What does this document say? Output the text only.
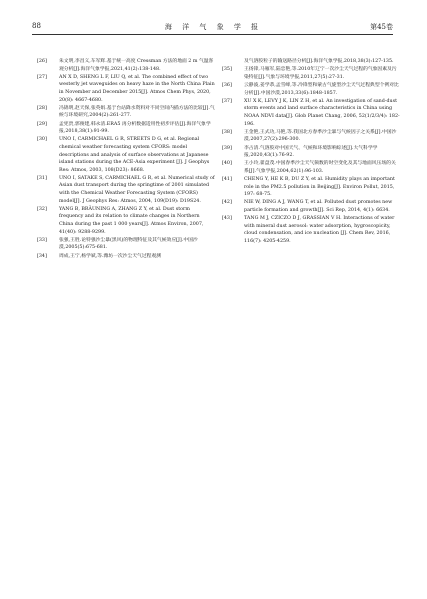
88	海 洋 气 象 学 报	第45卷
[26]	朱文明,李昌义,车军辉.基于统一高度 Cressman 方法的地面 2 m 气温客观分析[J].海洋气象学报,2021,41(2):138-148.
[27]	AN X D, SHENG L F, LIU Q, et al. The combined effect of two westerly jet waveguides on heavy haze in the North China Plain in November and December 2015[J]. Atmos Chem Phys, 2020, 20(8): 4667-4680.
[28]	冯锦明,赵天保,张英娟.基于台站降水资料对不同空间内插方法的比较[J].气候与环境研究,2004(2):261-277.
[29]	孟宪贵,郭俊建,韩永清.ERA5 再分析数据适用性初步评估[J].海洋气象学报,2018,38(1):91-99.
[30]	UNO I, CARMICHAEL G R, STREETS D G, et al. Regional chemical weather forecasting system CFORS: model descriptions and analysis of surface observations at Japanese island stations during the ACE-Asia experiment [J]. J Geophys Res: Atmos, 2003, 108(D23): 8668.
[31]	UNO I, SATAKE S, CARMICHAEL G R, et al. Numerical study of Asian dust transport during the springtime of 2001 simulated with the Chemical Weather Forecasting System (CFORS) model[J]. J Geophys Res: Atmos, 2004, 109(D19): D19S24.
[32]	YANG B, BRÄUNING A, ZHANG Z Y, et al. Dust storm frequency and its relation to climate changes in Northern China during the past 1 000 years[J]. Atmos Environ, 2007, 41(40): 9288-9299.
[33]	张强,王胜.论特强沙尘暴(黑风)的物理特征及其气候效应[J].中国沙漠,2005(5):675-681.
[34]	周成,王宁,杨学斌,等.潍坊一次沙尘天气过程观测
及气溶胶粒子的输送路径分析[J].海洋气象学报,2018,38(3):127-135.
[35]	王扬锋,马雁军,陆忠艳,等.2010年辽宁一次沙尘天气过程的气象因素及污染特征[J].气象与环境学报,2011,27(5):27-31.
[36]	云静波,姜学恭,孟雪峰,等.冷锋型和蒙古气旋型沙尘天气过程典型个例对比分析[J].中国沙漠,2013,33(6):1848-1857.
[37]	XU X K, LEVY J K, LIN Z H, et al. An investigation of sand-dust storm events and land surface characteristics in China using NOAA NDVI data[J]. Glob Planet Chang, 2006, 52(1/2/3/4): 182-196.
[38]	王金艳,王式功,马艳,等.我国北方春季沙尘暴与气候因子之关系[J].中国沙漠,2007,27(2):296-300.
[39]	李占清.气溶胶对中国天气、气候和环境影响综述[J].大气科学学报,2020,43(1):76-92.
[40]	王小玲,翟盘茂.中国春季沙尘天气频数的时空变化及其与地面风压场的关系[J].气象学报,2004,62(1):96-103.
[41]	CHENG Y, HE K B, DU Z Y, et al. Humidity plays an important role in the PM2.5 pollution in Beijing[J]. Environ Pollut, 2015, 197: 68-75.
[42]	NIE W, DING A J, WANG T, et al. Polluted dust promotes new particle formation and growth[J]. Sci Rep, 2014, 4(1): 6634.
[43]	TANG M J, CZICZO D J, GRASSIAN V H. Interactions of water with mineral dust aerosol: water adsorption, hygroscopicity, cloud condensation, and ice nucleation [J]. Chem Rev, 2016, 116(7): 4205-4259.
